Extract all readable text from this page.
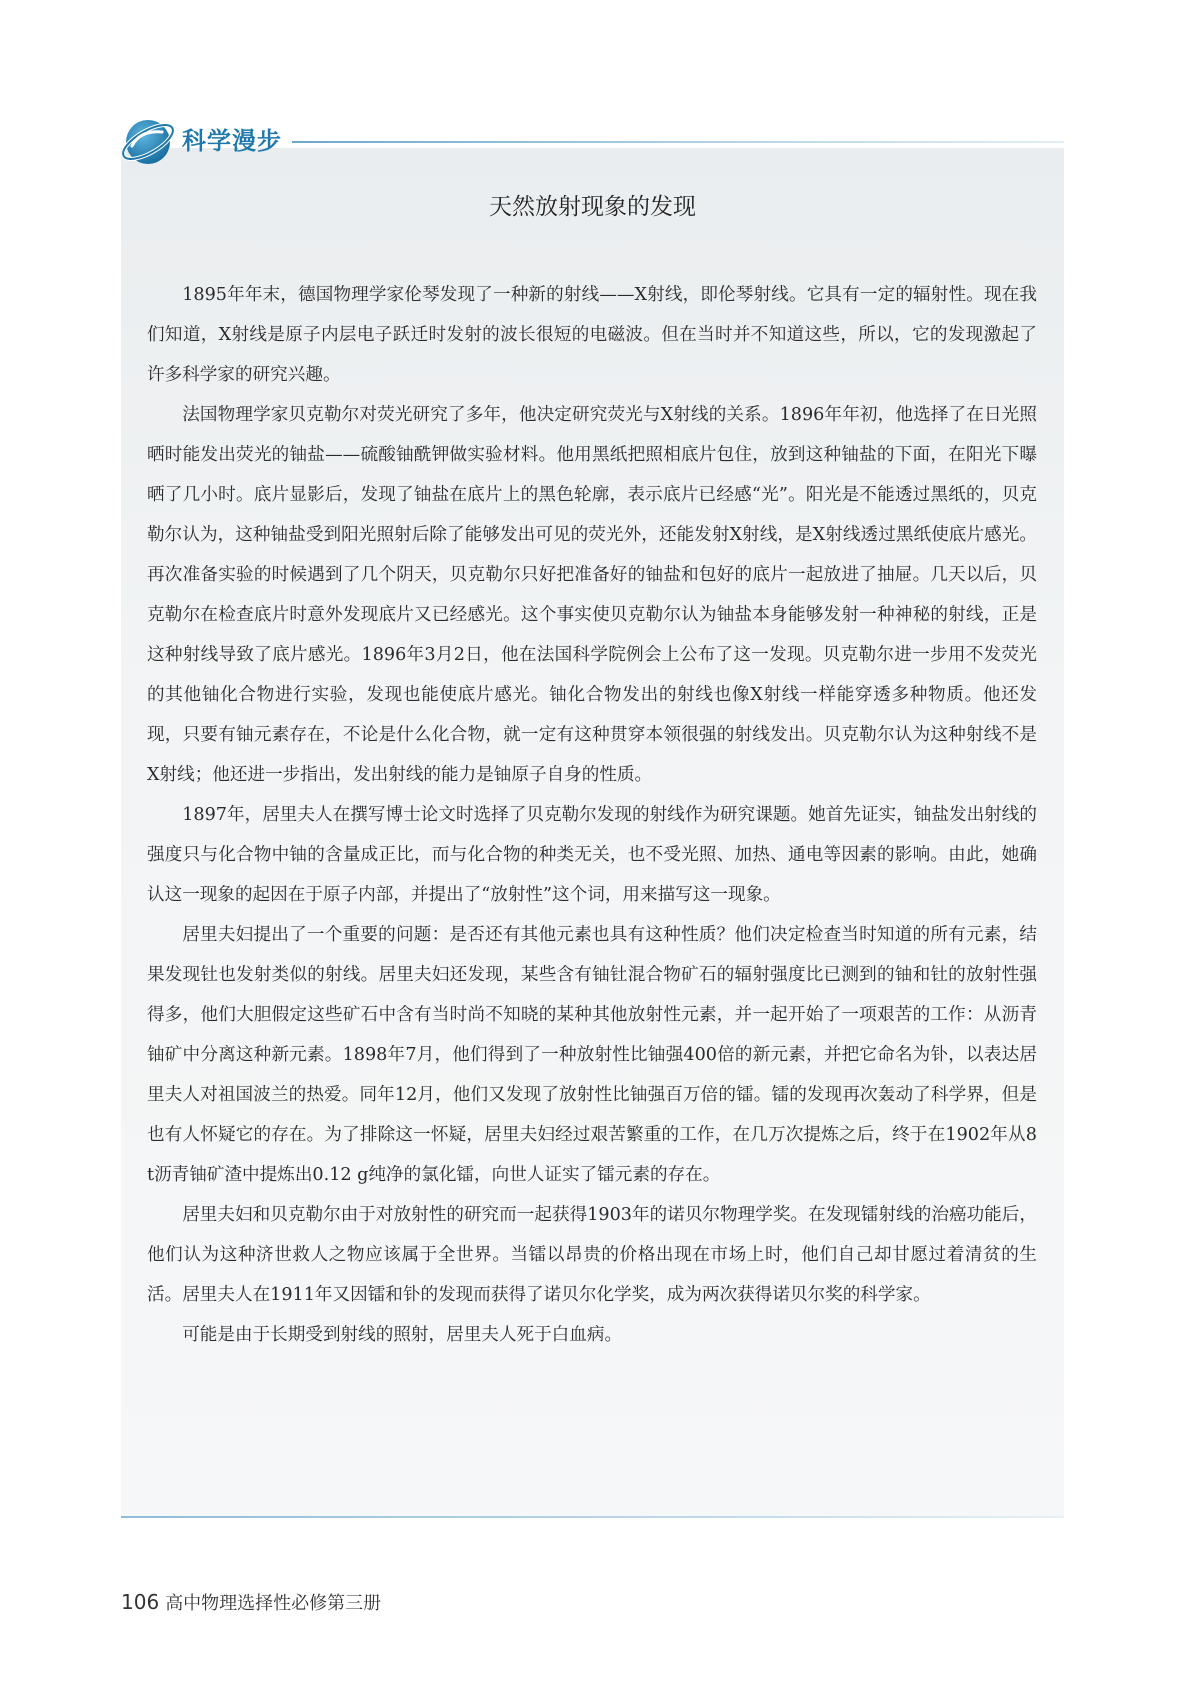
科学漫步
天然放射现象的发现

1895年年末，德国物理学家伦琴发现了一种新的射线——X射线，即伦琴射线。它具有一定的辐射性。现在我们知道，X射线是原子内层电子跃迁时发射的波长很短的电磁波。但在当时并不知道这些，所以，它的发现激起了许多科学家的研究兴趣。

法国物理学家贝克勒尔对荧光研究了多年，他决定研究荧光与X射线的关系。1896年年初，他选择了在日光照晒时能发出荧光的铀盐——硫酸铀酰钾做实验材料。他用黑纸把照相底片包住，放到这种铀盐的下面，在阳光下曝晒了几小时。底片显影后，发现了铀盐在底片上的黑色轮廓，表示底片已经感“光”。阳光是不能透过黑纸的，贝克勒尔认为，这种铀盐受到阳光照射后除了能够发出可见的荧光外，还能发射X射线，是X射线透过黑纸使底片感光。再次准备实验的时候遇到了几个阴天，贝克勒尔只好把准备好的铀盐和包好的底片一起放进了抽屉。几天以后，贝克勒尔在检查底片时意外发现底片又已经感光。这个事实使贝克勒尔认为铀盐本身能够发射一种神秘的射线，正是这种射线导致了底片感光。1896年3月2日，他在法国科学院例会上公布了这一发现。贝克勒尔进一步用不发荧光的其他铀化合物进行实验，发现也能使底片感光。铀化合物发出的射线也像X射线一样能穿透多种物质。他还发现，只要有铀元素存在，不论是什么化合物，就一定有这种贯穿本领很强的射线发出。贝克勒尔认为这种射线不是X射线；他还进一步指出，发出射线的能力是铀原子自身的性质。

1897年，居里夫人在撰写博士论文时选择了贝克勒尔发现的射线作为研究课题。她首先证实，铀盐发出射线的强度只与化合物中铀的含量成正比，而与化合物的种类无关，也不受光照、加热、通电等因素的影响。由此，她确认这一现象的起因在于原子内部，并提出了“放射性”这个词，用来描写这一现象。

居里夫妇提出了一个重要的问题：是否还有其他元素也具有这种性质？他们决定检查当时知道的所有元素，结果发现钍也发射类似的射线。居里夫妇还发现，某些含有铀钍混合物矿石的辐射强度比已测到的铀和钍的放射性强得多，他们大胆假定这些矿石中含有当时尚不知晓的某种其他放射性元素，并一起开始了一项艰苦的工作：从沥青铀矿中分离这种新元素。1898年7月，他们得到了一种放射性比铀强400倍的新元素，并把它命名为钋，以表达居里夫人对祖国波兰的热爱。同年12月，他们又发现了放射性比铀强百万倍的镭。镭的发现再次轰动了科学界，但是也有人怀疑它的存在。为了排除这一怀疑，居里夫妇经过艰苦繁重的工作，在几万次提炼之后，终于在1902年从8 t沥青铀矿渣中提炼出0.12 g纯净的氯化镭，向世人证实了镭元素的存在。

居里夫妇和贝克勒尔由于对放射性的研究而一起获得1903年的诺贝尔物理学奖。在发现镭射线的治癌功能后，他们认为这种济世救人之物应该属于全世界。当镭以昂贵的价格出现在市场上时，他们自己却甘愿过着清贫的生活。居里夫人在1911年又因镭和钋的发现而获得了诺贝尔化学奖，成为两次获得诺贝尔奖的科学家。

可能是由于长期受到射线的照射，居里夫人死于白血病。

106 高中物理选择性必修第三册
